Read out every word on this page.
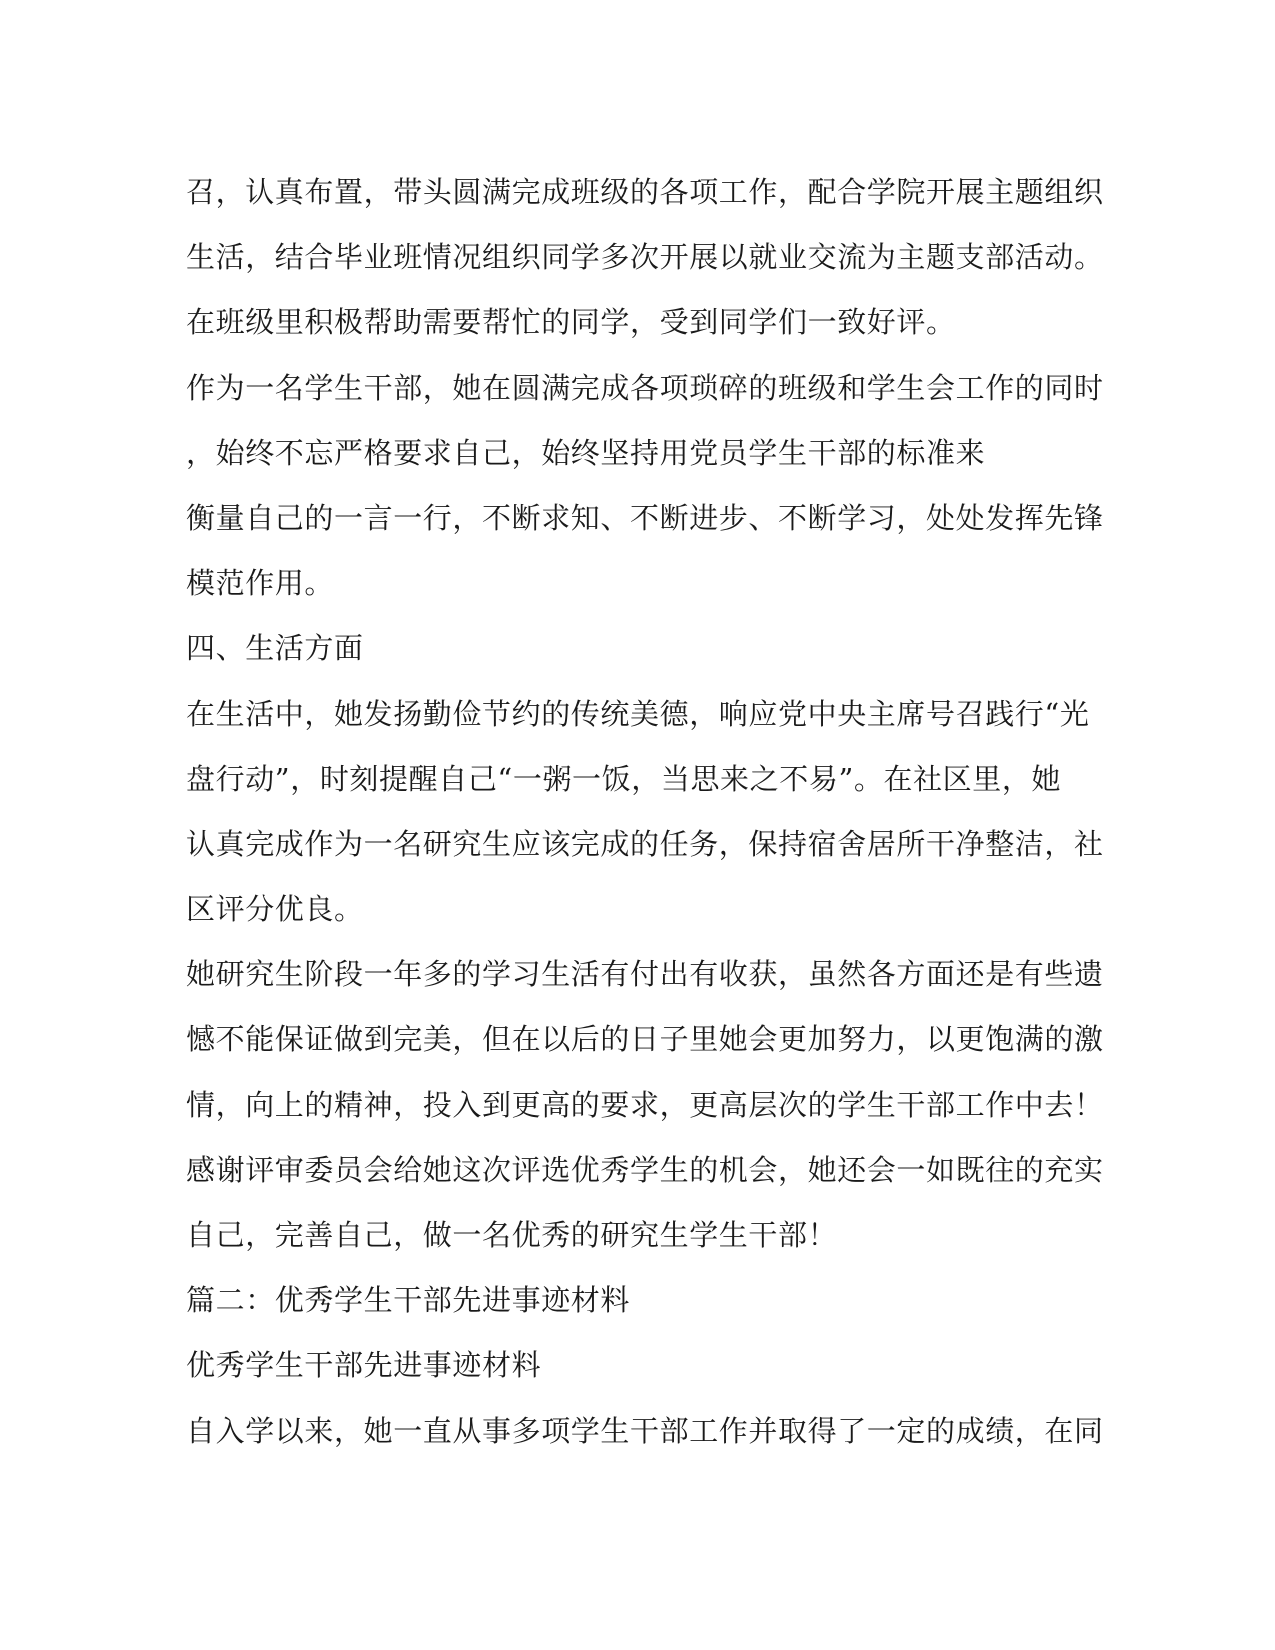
召，认真布置，带头圆满完成班级的各项工作，配合学院开展主题组织
生活，结合毕业班情况组织同学多次开展以就业交流为主题支部活动。
在班级里积极帮助需要帮忙的同学，受到同学们一致好评。
作为一名学生干部，她在圆满完成各项琐碎的班级和学生会工作的同时
，始终不忘严格要求自己，始终坚持用党员学生干部的标准来
衡量自己的一言一行，不断求知、不断进步、不断学习，处处发挥先锋
模范作用。
四、生活方面
在生活中，她发扬勤俭节约的传统美德，响应党中央主席号召践行“光
盘行动”，时刻提醒自己“一粥一饭，当思来之不易”。在社区里，她
认真完成作为一名研究生应该完成的任务，保持宿舍居所干净整洁，社
区评分优良。
她研究生阶段一年多的学习生活有付出有收获，虽然各方面还是有些遗
憾不能保证做到完美，但在以后的日子里她会更加努力，以更饱满的激
情，向上的精神，投入到更高的要求，更高层次的学生干部工作中去！
感谢评审委员会给她这次评选优秀学生的机会，她还会一如既往的充实
自己，完善自己，做一名优秀的研究生学生干部！
篇二：优秀学生干部先进事迹材料
优秀学生干部先进事迹材料
自入学以来，她一直从事多项学生干部工作并取得了一定的成绩，在同
